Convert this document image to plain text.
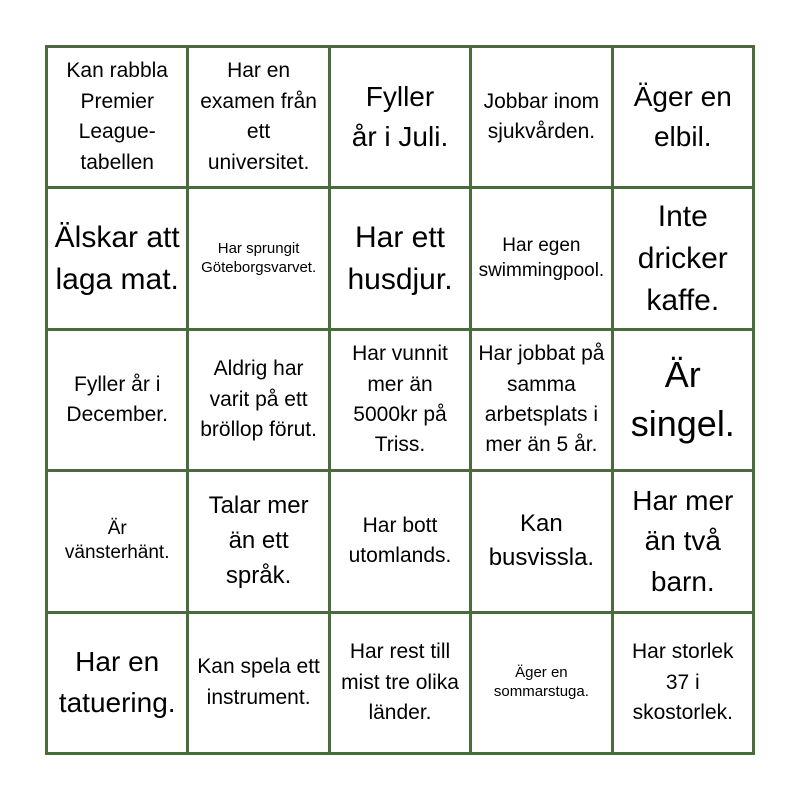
Kan rabbla Premier League-tabellen
Har en examen från ett universitet.
Fyller år i Juli.
Jobbar inom sjukvården.
Äger en elbil.
Älskar att laga mat.
Har sprungit Göteborgsvarvet.
Har ett husdjur.
Har egen swimmingpool.
Inte dricker kaffe.
Fyller år i December.
Aldrig har varit på ett bröllop förut.
Har vunnit mer än 5000kr på Triss.
Har jobbat på samma arbetsplats i mer än 5 år.
Är singel.
Är vänsterhänt.
Talar mer än ett språk.
Har bott utomlands.
Kan busvissla.
Har mer än två barn.
Har en tatuering.
Kan spela ett instrument.
Har rest till mist tre olika länder.
Äger en sommarstuga.
Har storlek 37 i skostorlek.
